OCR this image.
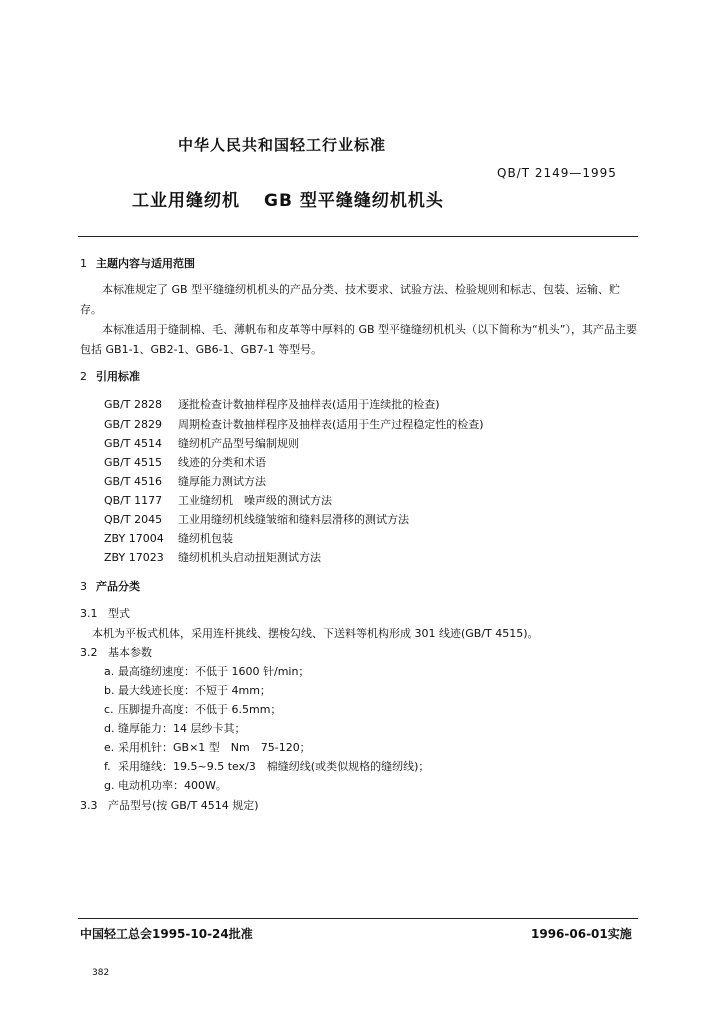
中华人民共和国轻工行业标准
QB/T 2149—1995
工业用缝纫机 GB 型平缝缝纫机机头
1 主题内容与适用范围
本标准规定了 GB 型平缝缝纫机机头的产品分类、技术要求、试验方法、检验规则和标志、包装、运输、贮存。
本标准适用于缝制棉、毛、薄帆布和皮革等中厚料的 GB 型平缝缝纫机机头（以下简称为“机头”），其产品主要包括 GB1-1、GB2-1、GB6-1、GB7-1 等型号。
2 引用标准
GB/T 2828 逐批检查计数抽样程序及抽样表(适用于连续批的检查)
GB/T 2829 周期检查计数抽样程序及抽样表(适用于生产过程稳定性的检查)
GB/T 4514 缝纫机产品型号编制规则
GB/T 4515 线迹的分类和术语
GB/T 4516 缝厚能力测试方法
QB/T 1177 工业缝纫机　噪声级的测试方法
QB/T 2045 工业用缝纫机线缝皱缩和缝料层滑移的测试方法
ZBY 17004 缝纫机包装
ZBY 17023 缝纫机机头启动扭矩测试方法
3 产品分类
3.1 型式
本机为平板式机体，采用连杆挑线、摆梭勾线、下送料等机构形成 301 线迹(GB/T 4515)。
3.2 基本参数
a. 最高缝纫速度：不低于 1600 针/min；
b. 最大线迹长度：不短于 4mm；
c. 压脚提升高度：不低于 6.5mm；
d. 缝厚能力：14 层纱卡其；
e. 采用机针：GB×1 型　Nm　75-120；
f. 采用缝线：19.5~9.5 tex/3　棉缝纫线(或类似规格的缝纫线)；
g. 电动机功率：400W。
3.3 产品型号(按 GB/T 4514 规定)
中国轻工总会1995-10-24批准	1996-06-01实施
382
